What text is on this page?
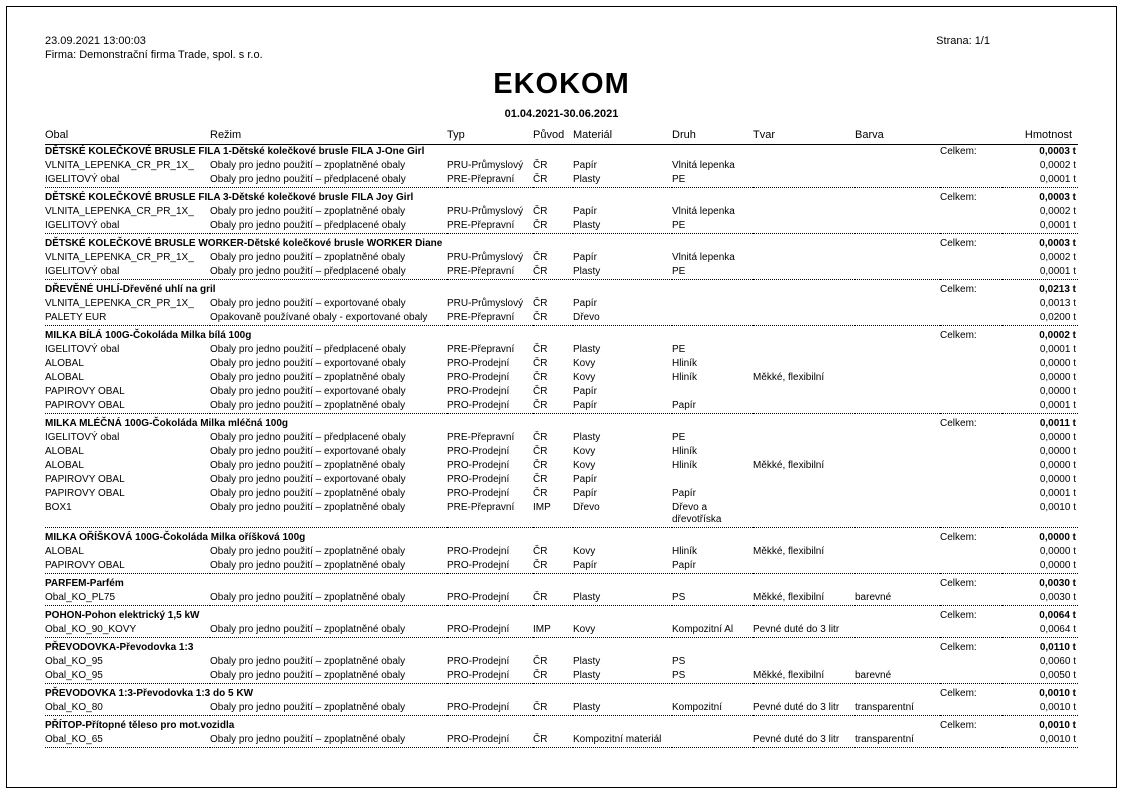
23.09.2021 13:00:03
Firma: Demonstrační firma Trade, spol. s r.o.
Strana: 1/1
EKOKOM
01.04.2021-30.06.2021
Obal	Režim	Typ	Původ	Materiál	Druh	Tvar	Barva		Hmotnost
DĚTSKÉ KOLEČKOVÉ BRUSLE FILA 1-Dětské kolečkové brusle FILA J-One Girl								Celkem:	0,0003 t
VLNITA_LEPENKA_CR_PR_1X_	Obaly pro jedno použití – zpoplatněné obaly	PRU-Průmyslový	ČR	Papír	Vlnitá lepenka				0,0002 t
IGELITOVÝ obal	Obaly pro jedno použití – předplacené obaly	PRE-Přepravní	ČR	Plasty	PE				0,0001 t

DĚTSKÉ KOLEČKOVÉ BRUSLE FILA 3-Dětské kolečkové brusle FILA Joy Girl								Celkem:	0,0003 t
VLNITA_LEPENKA_CR_PR_1X_	Obaly pro jedno použití – zpoplatněné obaly	PRU-Průmyslový	ČR	Papír	Vlnitá lepenka				0,0002 t
IGELITOVÝ obal	Obaly pro jedno použití – předplacené obaly	PRE-Přepravní	ČR	Plasty	PE				0,0001 t

DĚTSKÉ KOLEČKOVÉ BRUSLE WORKER-Dětské kolečkové brusle WORKER Diane								Celkem:	0,0003 t
VLNITA_LEPENKA_CR_PR_1X_	Obaly pro jedno použití – zpoplatněné obaly	PRU-Průmyslový	ČR	Papír	Vlnitá lepenka				0,0002 t
IGELITOVÝ obal	Obaly pro jedno použití – předplacené obaly	PRE-Přepravní	ČR	Plasty	PE				0,0001 t

DŘEVĚNÉ UHLÍ-Dřevěné uhlí na gril								Celkem:	0,0213 t
VLNITA_LEPENKA_CR_PR_1X_	Obaly pro jedno použití – exportované obaly	PRU-Průmyslový	ČR	Papír					0,0013 t
PALETY EUR	Opakovaně používané obaly - exportované obaly	PRE-Přepravní	ČR	Dřevo					0,0200 t

MILKA BÍLÁ 100G-Čokoláda Milka bílá 100g								Celkem:	0,0002 t
IGELITOVÝ obal	Obaly pro jedno použití – předplacené obaly	PRE-Přepravní	ČR	Plasty	PE				0,0001 t
ALOBAL	Obaly pro jedno použití – exportované obaly	PRO-Prodejní	ČR	Kovy	Hliník				0,0000 t
ALOBAL	Obaly pro jedno použití – zpoplatněné obaly	PRO-Prodejní	ČR	Kovy	Hliník	Měkké, flexibilní			0,0000 t
PAPIROVY OBAL	Obaly pro jedno použití – exportované obaly	PRO-Prodejní	ČR	Papír					0,0000 t
PAPIROVY OBAL	Obaly pro jedno použití – zpoplatněné obaly	PRO-Prodejní	ČR	Papír	Papír				0,0001 t

MILKA MLÉČNÁ 100G-Čokoláda Milka mléčná 100g								Celkem:	0,0011 t
IGELITOVÝ obal	Obaly pro jedno použití – předplacené obaly	PRE-Přepravní	ČR	Plasty	PE				0,0000 t
ALOBAL	Obaly pro jedno použití – exportované obaly	PRO-Prodejní	ČR	Kovy	Hliník				0,0000 t
ALOBAL	Obaly pro jedno použití – zpoplatněné obaly	PRO-Prodejní	ČR	Kovy	Hliník	Měkké, flexibilní			0,0000 t
PAPIROVY OBAL	Obaly pro jedno použití – exportované obaly	PRO-Prodejní	ČR	Papír					0,0000 t
PAPIROVY OBAL	Obaly pro jedno použití – zpoplatněné obaly	PRO-Prodejní	ČR	Papír	Papír				0,0001 t
BOX1	Obaly pro jedno použití – zpoplatněné obaly	PRE-Přepravní	IMP	Dřevo	Dřevo a dřevotříska				0,0010 t

MILKA OŘÍŠKOVÁ 100G-Čokoláda Milka oříšková 100g								Celkem:	0,0000 t
ALOBAL	Obaly pro jedno použití – zpoplatněné obaly	PRO-Prodejní	ČR	Kovy	Hliník	Měkké, flexibilní			0,0000 t
PAPIROVY OBAL	Obaly pro jedno použití – zpoplatněné obaly	PRO-Prodejní	ČR	Papír	Papír				0,0000 t

PARFEM-Parfém								Celkem:	0,0030 t
Obal_KO_PL75	Obaly pro jedno použití – zpoplatněné obaly	PRO-Prodejní	ČR	Plasty	PS	Měkké, flexibilní	barevné		0,0030 t

POHON-Pohon elektrický 1,5 kW								Celkem:	0,0064 t
Obal_KO_90_KOVY	Obaly pro jedno použití – zpoplatněné obaly	PRO-Prodejní	IMP	Kovy	Kompozitní Al	Pevné duté do 3 litr			0,0064 t

PŘEVODOVKA-Převodovka 1:3								Celkem:	0,0110 t
Obal_KO_95	Obaly pro jedno použití – zpoplatněné obaly	PRO-Prodejní	ČR	Plasty	PS				0,0060 t
Obal_KO_95	Obaly pro jedno použití – zpoplatněné obaly	PRO-Prodejní	ČR	Plasty	PS	Měkké, flexibilní	barevné		0,0050 t

PŘEVODOVKA 1:3-Převodovka 1:3 do 5 KW								Celkem:	0,0010 t
Obal_KO_80	Obaly pro jedno použití – zpoplatněné obaly	PRO-Prodejní	ČR	Plasty	Kompozitní	Pevné duté do 3 litr	transparentní		0,0010 t

PŘÍTOP-Přítopné těleso pro mot.vozidla								Celkem:	0,0010 t
Obal_KO_65	Obaly pro jedno použití – zpoplatněné obaly	PRO-Prodejní	ČR	Kompozitní materiál		Pevné duté do 3 litr	transparentní		0,0010 t
